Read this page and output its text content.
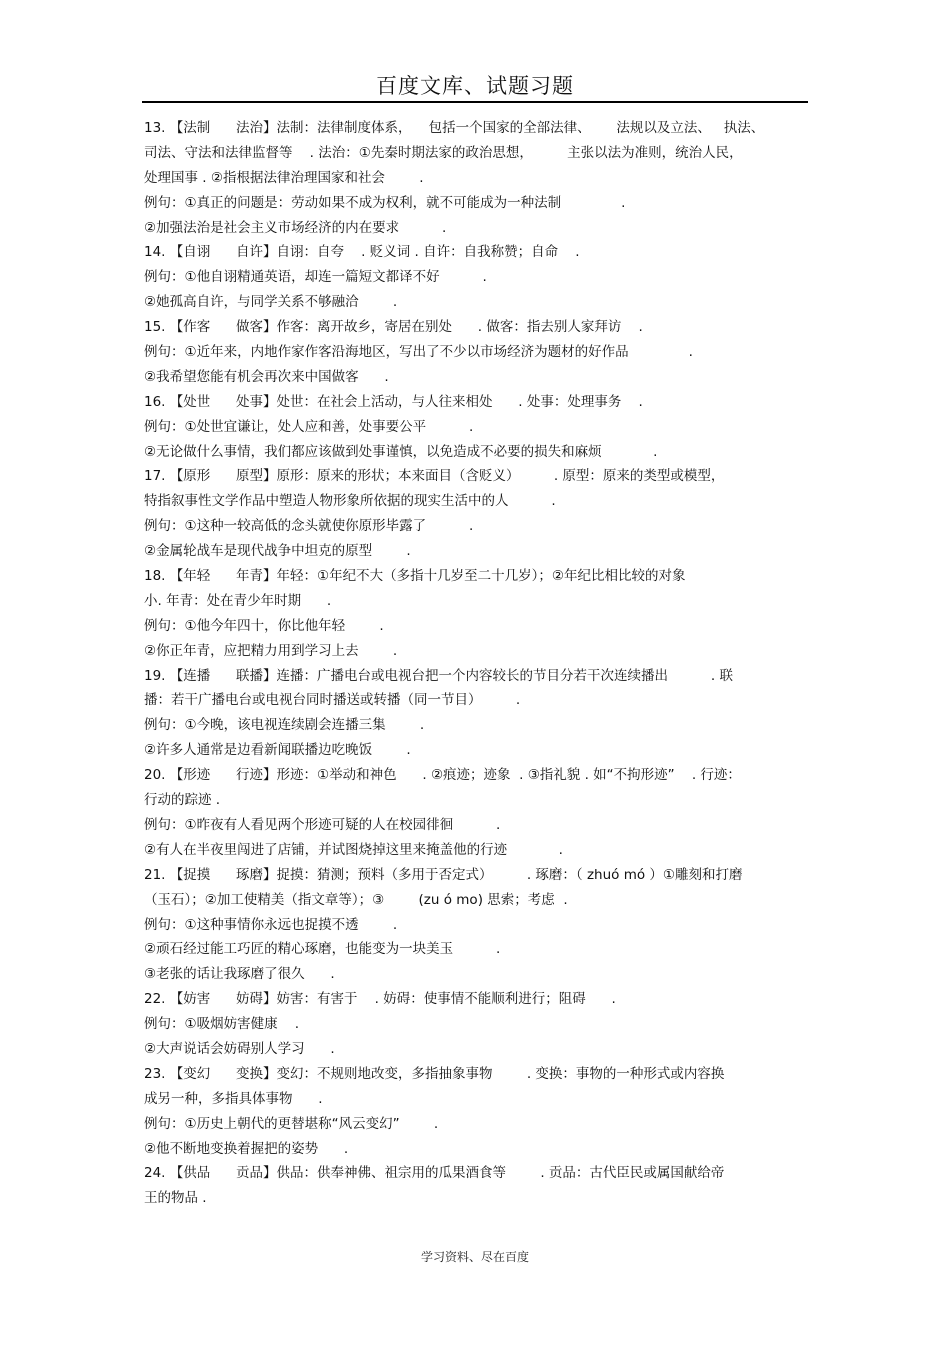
百度文库、试题习题
13. 【法制      法治】法制：法律制度体系，    包括一个国家的全部法律、      法规以及立法、   执法、
司法、守法和法律监督等    . 法治：①先秦时期法家的政治思想，        主张以法为准则，统治人民，
处理国事 . ②指根据法律治理国家和社会        .
例句：①真正的问题是：劳动如果不成为权利，就不可能成为一种法制              .
②加强法治是社会主义市场经济的内在要求          .
14. 【自诩      自许】自诩：自夸    . 贬义词 . 自许：自我称赞；自命    .
例句：①他自诩精通英语，却连一篇短文都译不好          .
②她孤高自许，与同学关系不够融洽        .
15. 【作客      做客】作客：离开故乡，寄居在别处      . 做客：指去别人家拜访    .
例句：①近年来，内地作家作客沿海地区，写出了不少以市场经济为题材的好作品              .
②我希望您能有机会再次来中国做客      .
16. 【处世      处事】处世：在社会上活动，与人往来相处      . 处事：处理事务    .
例句：①处世宜谦让，处人应和善，处事要公平          .
②无论做什么事情，我们都应该做到处事谨慎，以免造成不必要的损失和麻烦            .
17. 【原形      原型】原形：原来的形状；本来面目（含贬义）        . 原型：原来的类型或模型，
特指叙事性文学作品中塑造人物形象所依据的现实生活中的人          .
例句：①这种一较高低的念头就使你原形毕露了          .
②金属轮战车是现代战争中坦克的原型        .
18. 【年轻      年青】年轻：①年纪不大（多指十几岁至二十几岁）；②年纪比相比较的对象
小. 年青：处在青少年时期      .
例句：①他今年四十，你比他年轻        .
②你正年青，应把精力用到学习上去        .
19. 【连播      联播】连播：广播电台或电视台把一个内容较长的节目分若干次连续播出          . 联
播：若干广播电台或电视台同时播送或转播（同一节目）        .
例句：①今晚，该电视连续剧会连播三集        .
②许多人通常是边看新闻联播边吃晚饭        .
20. 【形迹      行迹】形迹：①举动和神色      . ②痕迹；迹象  . ③指礼貌 . 如“不拘形迹”    . 行迹：
行动的踪迹 .
例句：①昨夜有人看见两个形迹可疑的人在校园徘徊          .
②有人在半夜里闯进了店铺，并试图烧掉这里来掩盖他的行迹            .
21. 【捉摸      琢磨】捉摸：猜测；预料（多用于否定式）        . 琢磨：（ zhuó mó ）①雕刻和打磨
（玉石）；②加工使精美（指文章等）；③        (zu ó mo) 思索；考虑  .
例句：①这种事情你永远也捉摸不透        .
②顽石经过能工巧匠的精心琢磨，也能变为一块美玉          .
③老张的话让我琢磨了很久      .
22. 【妨害      妨碍】妨害：有害于    . 妨碍：使事情不能顺利进行；阻碍      .
例句：①吸烟妨害健康    .
②大声说话会妨碍别人学习      .
23. 【变幻      变换】变幻：不规则地改变，多指抽象事物        . 变换：事物的一种形式或内容换
成另一种，多指具体事物      .
例句：①历史上朝代的更替堪称“风云变幻”        .
②他不断地变换着握把的姿势      .
24. 【供品      贡品】供品：供奉神佛、祖宗用的瓜果酒食等        . 贡品：古代臣民或属国献给帝
王的物品 .
学习资料、尽在百度
